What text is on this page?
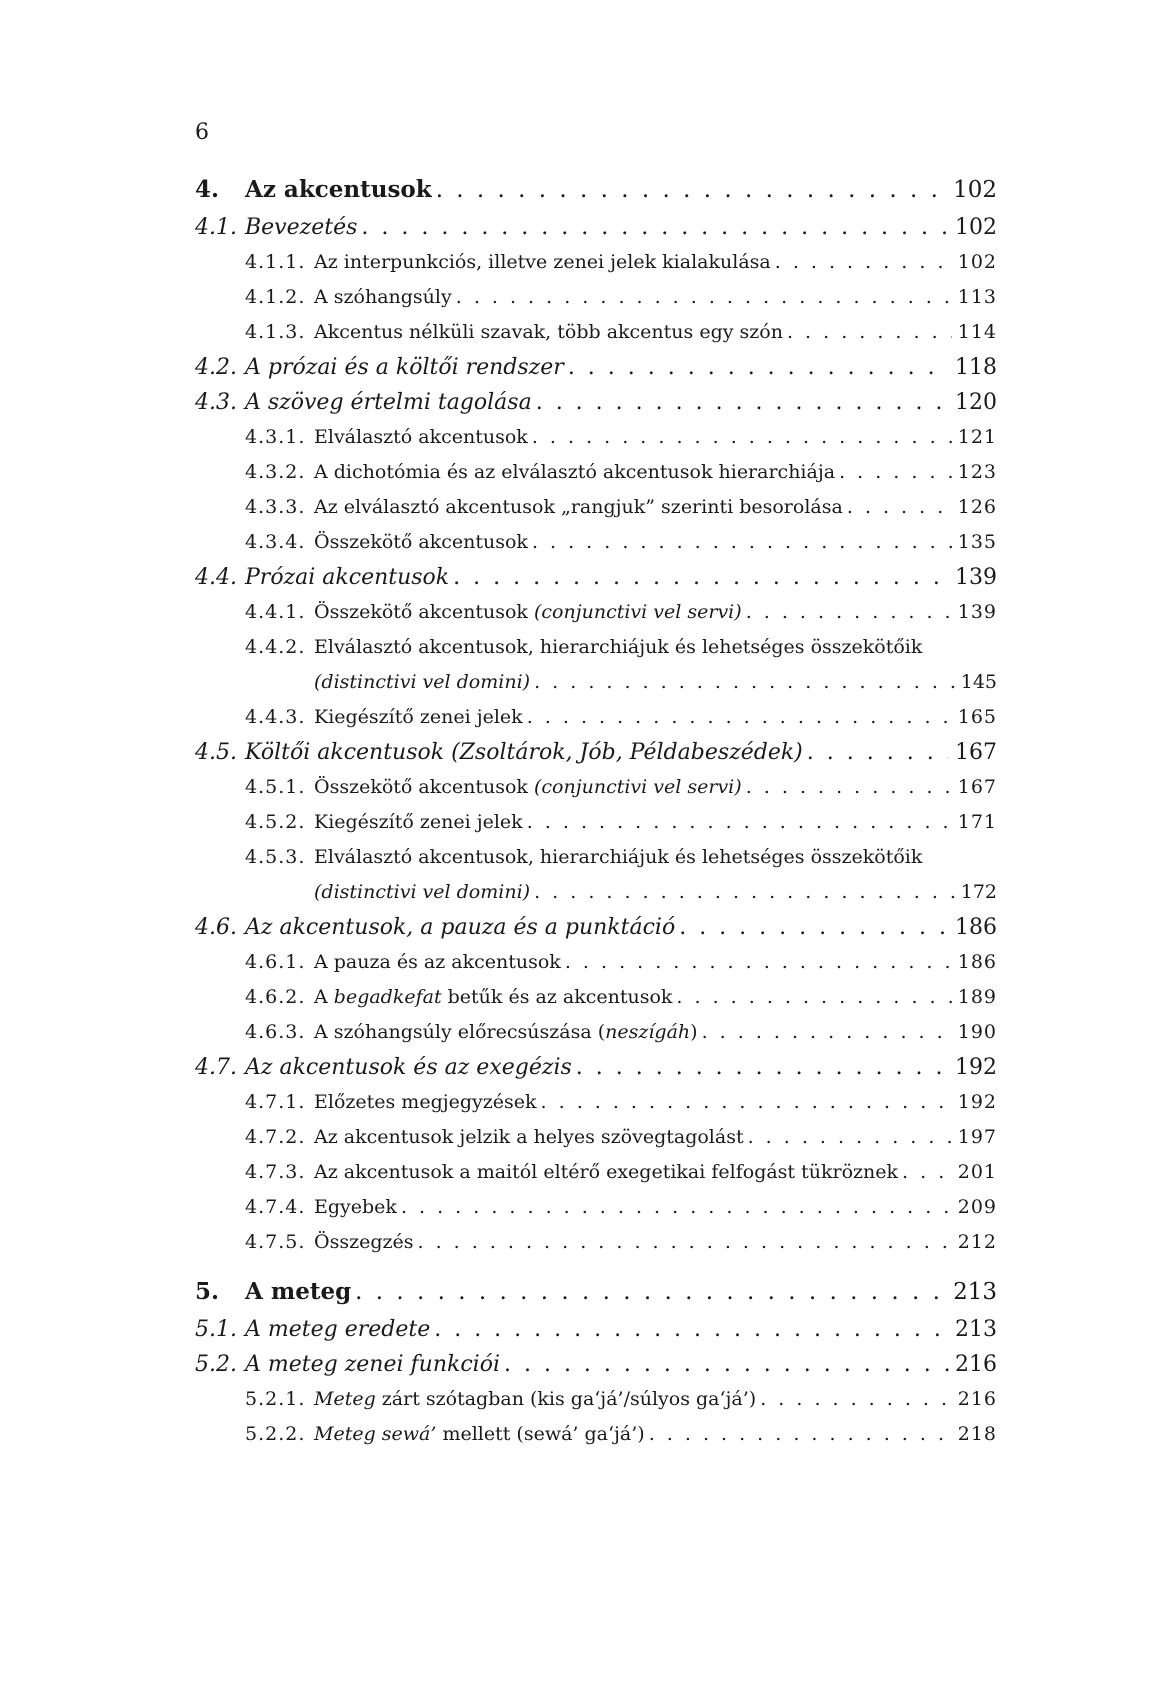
6
4.	Az akcentusok . . .	102
4.1. Bevezetés . . .	102
4.1.1. Az interpunkciós, illetve zenei jelek kialakulása . . .	102
4.1.2. A szóhangsúly . . .	113
4.1.3. Akcentus nélküli szavak, több akcentus egy szón . . .	114
4.2. A prózai és a költői rendszer . . .	118
4.3. A szöveg értelmi tagolása . . .	120
4.3.1. Elválasztó akcentusok . . .	121
4.3.2. A dichotómia és az elválasztó akcentusok hierarchiája . . .	123
4.3.3. Az elválasztó akcentusok „rangjuk” szerinti besorolása . . .	126
4.3.4. Összekötő akcentusok . . .	135
4.4. Prózai akcentusok . . .	139
4.4.1. Összekötő akcentusok (conjunctivi vel servi) . . .	139
4.4.2. Elválasztó akcentusok, hierarchiájuk és lehetséges összekötőik
(distinctivi vel domini) . . .	145
4.4.3. Kiegészítő zenei jelek . . .	165
4.5. Költői akcentusok (Zsoltárok, Jób, Példabeszédek) . . .	167
4.5.1. Összekötő akcentusok (conjunctivi vel servi) . . .	167
4.5.2. Kiegészítő zenei jelek . . .	171
4.5.3. Elválasztó akcentusok, hierarchiájuk és lehetséges összekötőik
(distinctivi vel domini) . . .	172
4.6. Az akcentusok, a pauza és a punktáció . . .	186
4.6.1. A pauza és az akcentusok . . .	186
4.6.2. A begadkefat betűk és az akcentusok . . .	189
4.6.3. A szóhangsúly előrecsúszása (neszígáh) . . .	190
4.7. Az akcentusok és az exegézis . . .	192
4.7.1. Előzetes megjegyzések . . .	192
4.7.2. Az akcentusok jelzik a helyes szövegtagolást . . .	197
4.7.3. Az akcentusok a maitól eltérő exegetikai felfogást tükröznek . . .	201
4.7.4. Egyebek . . .	209
4.7.5. Összegzés . . .	212
5.	A meteg . . .	213
5.1. A meteg eredete . . .	213
5.2. A meteg zenei funkciói . . .	216
5.2.1. Meteg zárt szótagban (kis ga‘já’/súlyos ga‘já’) . . .	216
5.2.2. Meteg sewá’ mellett (sewá’ ga‘já’) . . .	218
